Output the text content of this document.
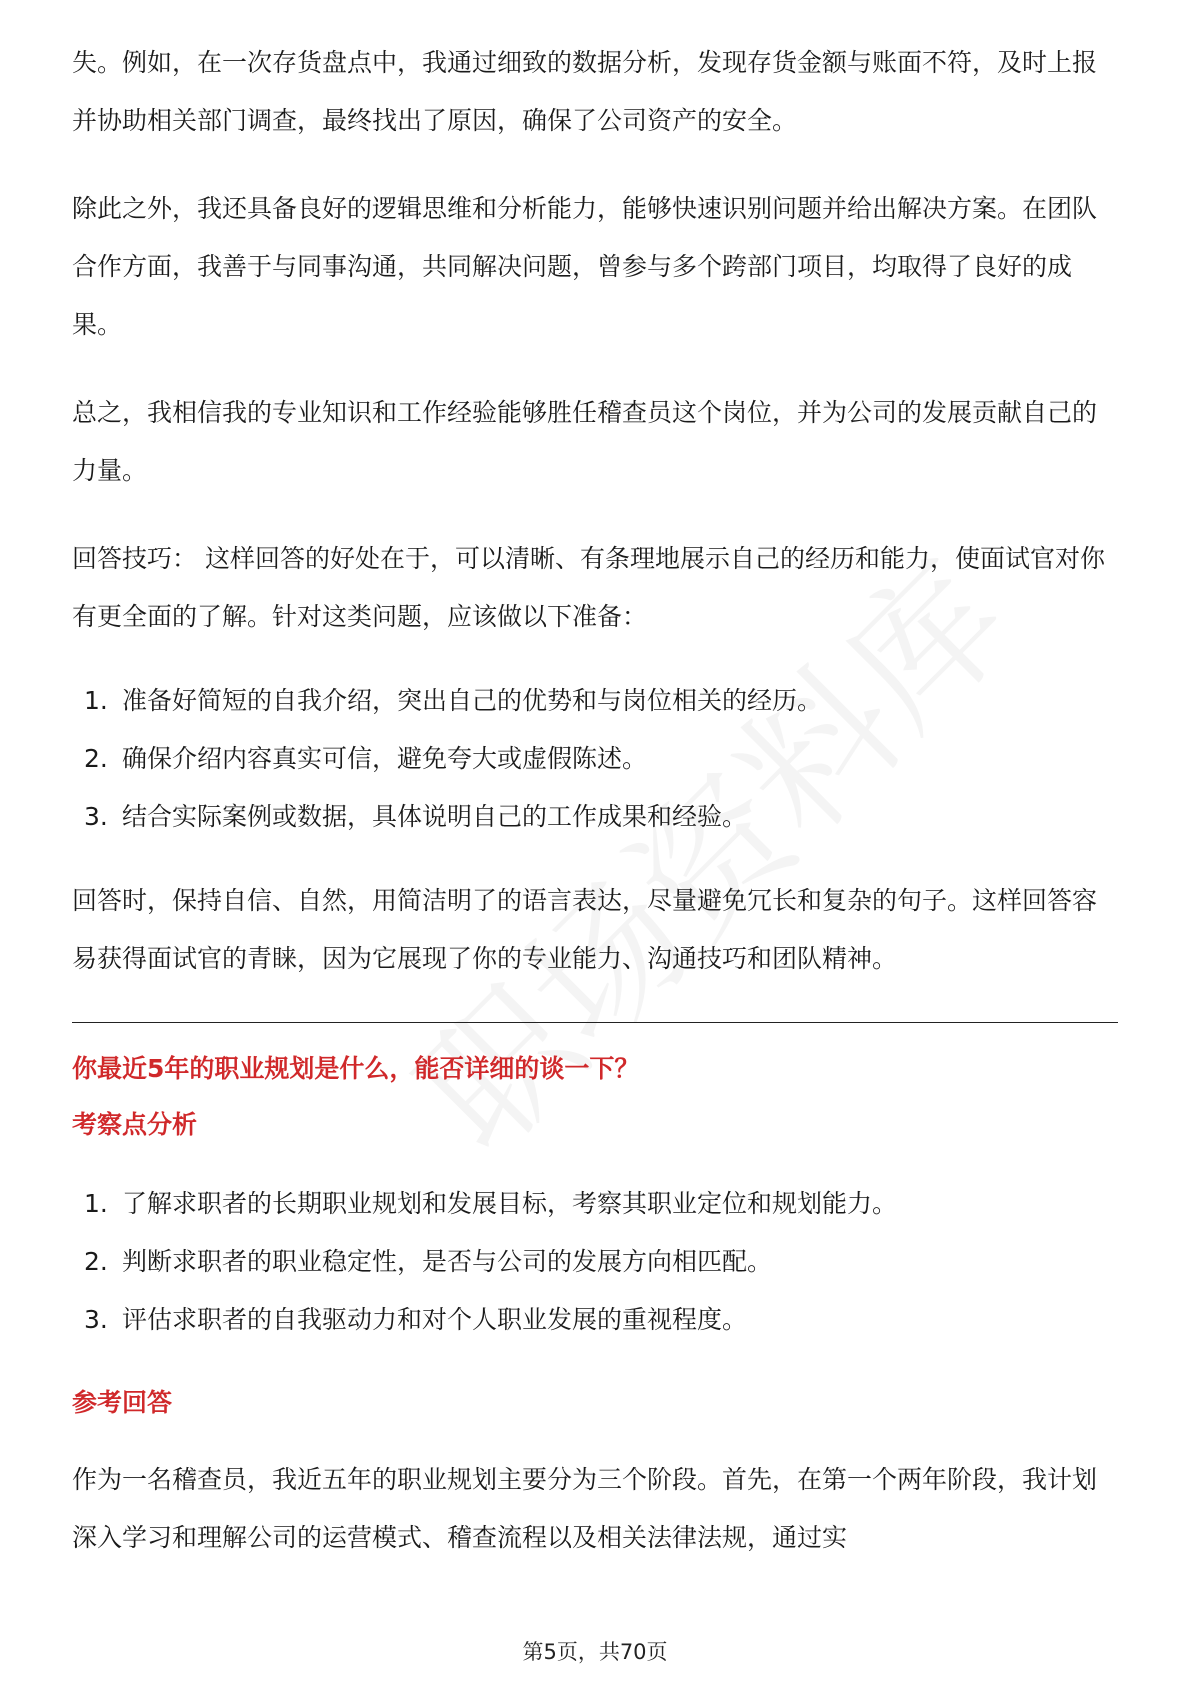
失。例如，在一次存货盘点中，我通过细致的数据分析，发现存货金额与账面不符，及时上报并协助相关部门调查，最终找出了原因，确保了公司资产的安全。

除此之外，我还具备良好的逻辑思维和分析能力，能够快速识别问题并给出解决方案。在团队合作方面，我善于与同事沟通，共同解决问题，曾参与多个跨部门项目，均取得了良好的成果。

总之，我相信我的专业知识和工作经验能够胜任稽查员这个岗位，并为公司的发展贡献自己的力量。

回答技巧： 这样回答的好处在于，可以清晰、有条理地展示自己的经历和能力，使面试官对你有更全面的了解。针对这类问题，应该做以下准备：

1. 准备好简短的自我介绍，突出自己的优势和与岗位相关的经历。
2. 确保介绍内容真实可信，避免夸大或虚假陈述。
3. 结合实际案例或数据，具体说明自己的工作成果和经验。

回答时，保持自信、自然，用简洁明了的语言表达，尽量避免冗长和复杂的句子。这样回答容易获得面试官的青睐，因为它展现了你的专业能力、沟通技巧和团队精神。

你最近5年的职业规划是什么，能否详细的谈一下？
考察点分析
1. 了解求职者的长期职业规划和发展目标，考察其职业定位和规划能力。
2. 判断求职者的职业稳定性，是否与公司的发展方向相匹配。
3. 评估求职者的自我驱动力和对个人职业发展的重视程度。
参考回答

作为一名稽查员，我近五年的职业规划主要分为三个阶段。首先，在第一个两年阶段，我计划深入学习和理解公司的运营模式、稽查流程以及相关法律法规，通过实

第5页，共70页
